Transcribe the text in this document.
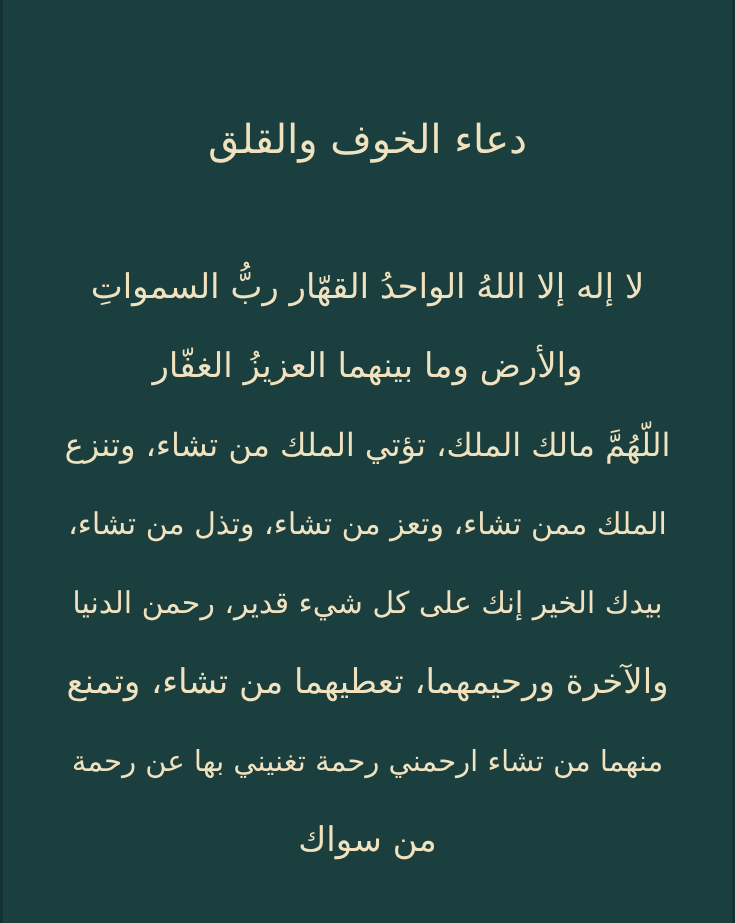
دعاء الخوف والقلق
لا إله إلا اللهُ الواحدُ القهّار ربُّ السمواتِ
والأرض وما بينهما العزيزُ الغفّار
اللّهُمَّ مالك الملك، تؤتي الملك من تشاء، وتنزع
الملك ممن تشاء، وتعز من تشاء، وتذل من تشاء،
بيدك الخير إنك على كل شيء قدير، رحمن الدنيا
والآخرة ورحيمهما، تعطيهما من تشاء، وتمنع
منهما من تشاء ارحمني رحمة تغنيني بها عن رحمة
من سواك
